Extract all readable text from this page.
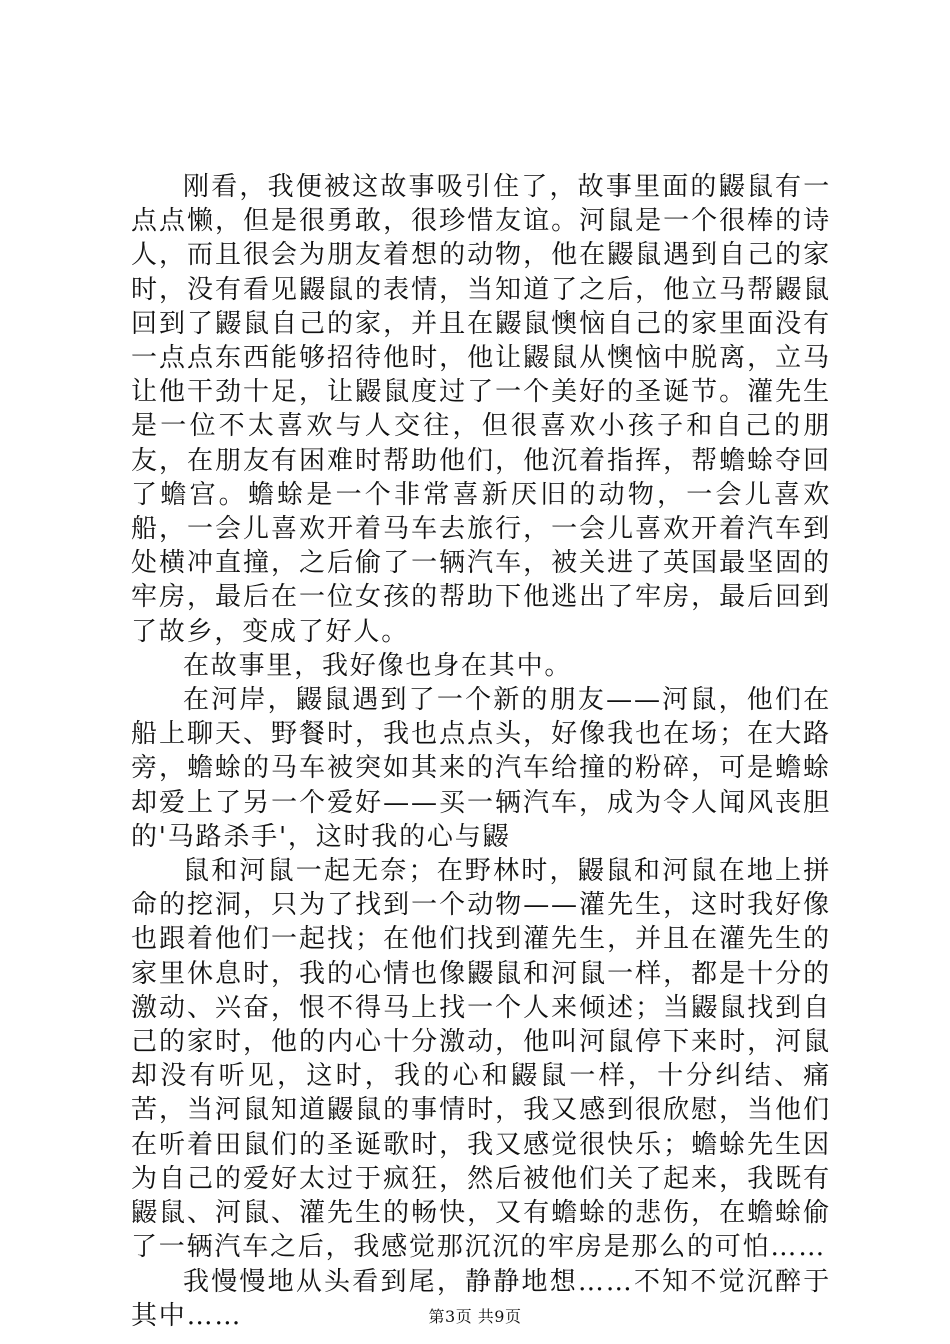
刚看，我便被这故事吸引住了，故事里面的鼹鼠有一点点懒，但是很勇敢，很珍惜友谊。河鼠是一个很棒的诗人，而且很会为朋友着想的动物，他在鼹鼠遇到自己的家时，没有看见鼹鼠的表情，当知道了之后，他立马帮鼹鼠回到了鼹鼠自己的家，并且在鼹鼠懊恼自己的家里面没有一点点东西能够招待他时，他让鼹鼠从懊恼中脱离，立马让他干劲十足，让鼹鼠度过了一个美好的圣诞节。灌先生是一位不太喜欢与人交往，但很喜欢小孩子和自己的朋友，在朋友有困难时帮助他们，他沉着指挥，帮蟾蜍夺回了蟾宫。蟾蜍是一个非常喜新厌旧的动物，一会儿喜欢船，一会儿喜欢开着马车去旅行，一会儿喜欢开着汽车到处横冲直撞，之后偷了一辆汽车，被关进了英国最坚固的牢房，最后在一位女孩的帮助下他逃出了牢房，最后回到了故乡，变成了好人。

在故事里，我好像也身在其中。

在河岸，鼹鼠遇到了一个新的朋友——河鼠，他们在船上聊天、野餐时，我也点点头，好像我也在场；在大路旁，蟾蜍的马车被突如其来的汽车给撞的粉碎，可是蟾蜍却爱上了另一个爱好——买一辆汽车，成为令人闻风丧胆的'马路杀手'，这时我的心与鼹

鼠和河鼠一起无奈；在野林时，鼹鼠和河鼠在地上拼命的挖洞，只为了找到一个动物——灌先生，这时我好像也跟着他们一起找；在他们找到灌先生，并且在灌先生的家里休息时，我的心情也像鼹鼠和河鼠一样，都是十分的激动、兴奋，恨不得马上找一个人来倾述；当鼹鼠找到自己的家时，他的内心十分激动，他叫河鼠停下来时，河鼠却没有听见，这时，我的心和鼹鼠一样，十分纠结、痛苦，当河鼠知道鼹鼠的事情时，我又感到很欣慰，当他们在听着田鼠们的圣诞歌时，我又感觉很快乐；蟾蜍先生因为自己的爱好太过于疯狂，然后被他们关了起来，我既有鼹鼠、河鼠、灌先生的畅快，又有蟾蜍的悲伤，在蟾蜍偷了一辆汽车之后，我感觉那沉沉的牢房是那么的可怕……

我慢慢地从头看到尾，静静地想……不知不觉沉醉于其中……	第3页 共9页
